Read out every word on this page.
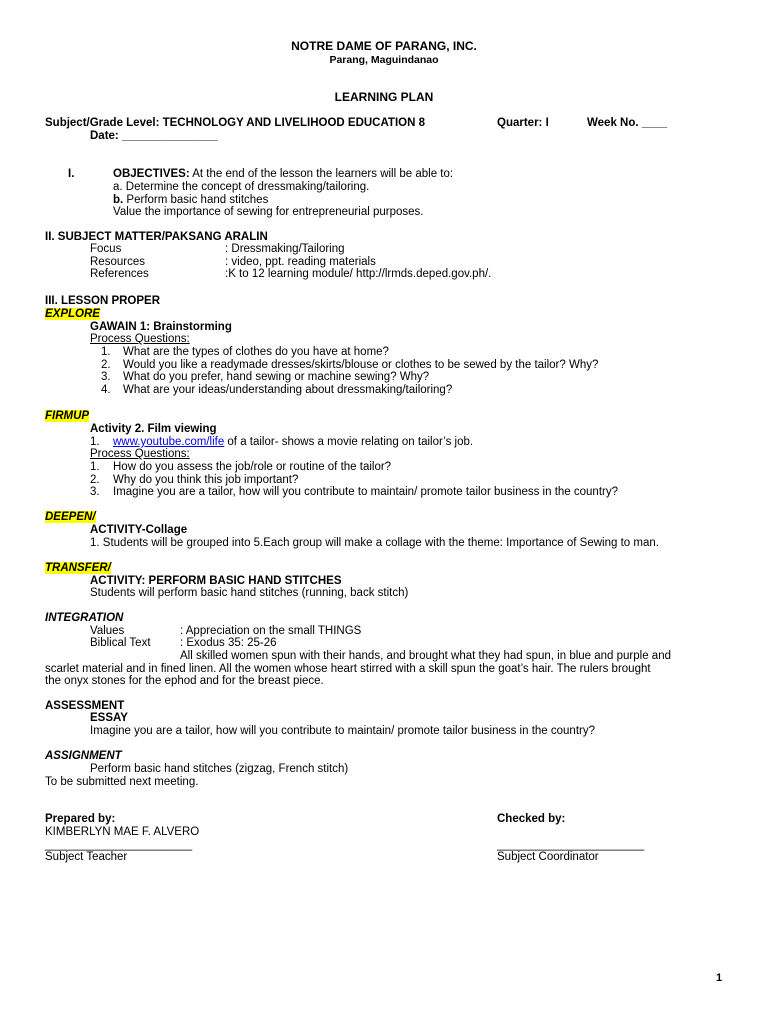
NOTRE DAME OF PARANG, INC.
Parang, Maguindanao
LEARNING PLAN
Subject/Grade Level: TECHNOLOGY AND LIVELIHOOD EDUCATION 8	Quarter: I	Week No. ____
Date: _______________
I.	OBJECTIVES: At the end of the lesson the learners will be able to:
a. Determine the concept of dressmaking/tailoring.
b. Perform basic hand stitches
Value the importance of sewing for entrepreneurial purposes.
II. SUBJECT MATTER/PAKSANG ARALIN
Focus	: Dressmaking/Tailoring
Resources	: video, ppt. reading materials
References	:K to 12 learning module/ http://lrmds.deped.gov.ph/.
III. LESSON PROPER
EXPLORE
GAWAIN 1: Brainstorming
Process Questions:
1. What are the types of clothes do you have at home?
2. Would you like a readymade dresses/skirts/blouse or clothes to be sewed by the tailor? Why?
3. What do you prefer, hand sewing or machine sewing? Why?
4. What are your ideas/understanding about dressmaking/tailoring?
FIRMUP
Activity 2. Film viewing
1. www.youtube.com/life of a tailor- shows a movie relating on tailor’s job.
Process Questions:
1. How do you assess the job/role or routine of the tailor?
2. Why do you think this job important?
3. Imagine you are a tailor, how will you contribute to maintain/ promote tailor business in the country?
DEEPEN/
ACTIVITY-Collage
1. Students will be grouped into 5.Each group will make a collage with the theme: Importance of Sewing to man.
TRANSFER/
ACTIVITY: PERFORM BASIC HAND STITCHES
Students will perform basic hand stitches (running, back stitch)
INTEGRATION
Values	: Appreciation on the small THINGS
Biblical Text	: Exodus 35: 25-26
All skilled women spun with their hands, and brought what they had spun, in blue and purple and
scarlet material and in fined linen. All the women whose heart stirred with a skill spun the goat’s hair. The rulers brought
the onyx stones for the ephod and for the breast piece.
ASSESSMENT
ESSAY
Imagine you are a tailor, how will you contribute to maintain/ promote tailor business in the country?
ASSIGNMENT
Perform basic hand stitches (zigzag, French stitch)
To be submitted next meeting.
Prepared by:
KIMBERLYN MAE F. ALVERO
_______________________
Subject Teacher
Checked by:
_______________________
Subject Coordinator
1
